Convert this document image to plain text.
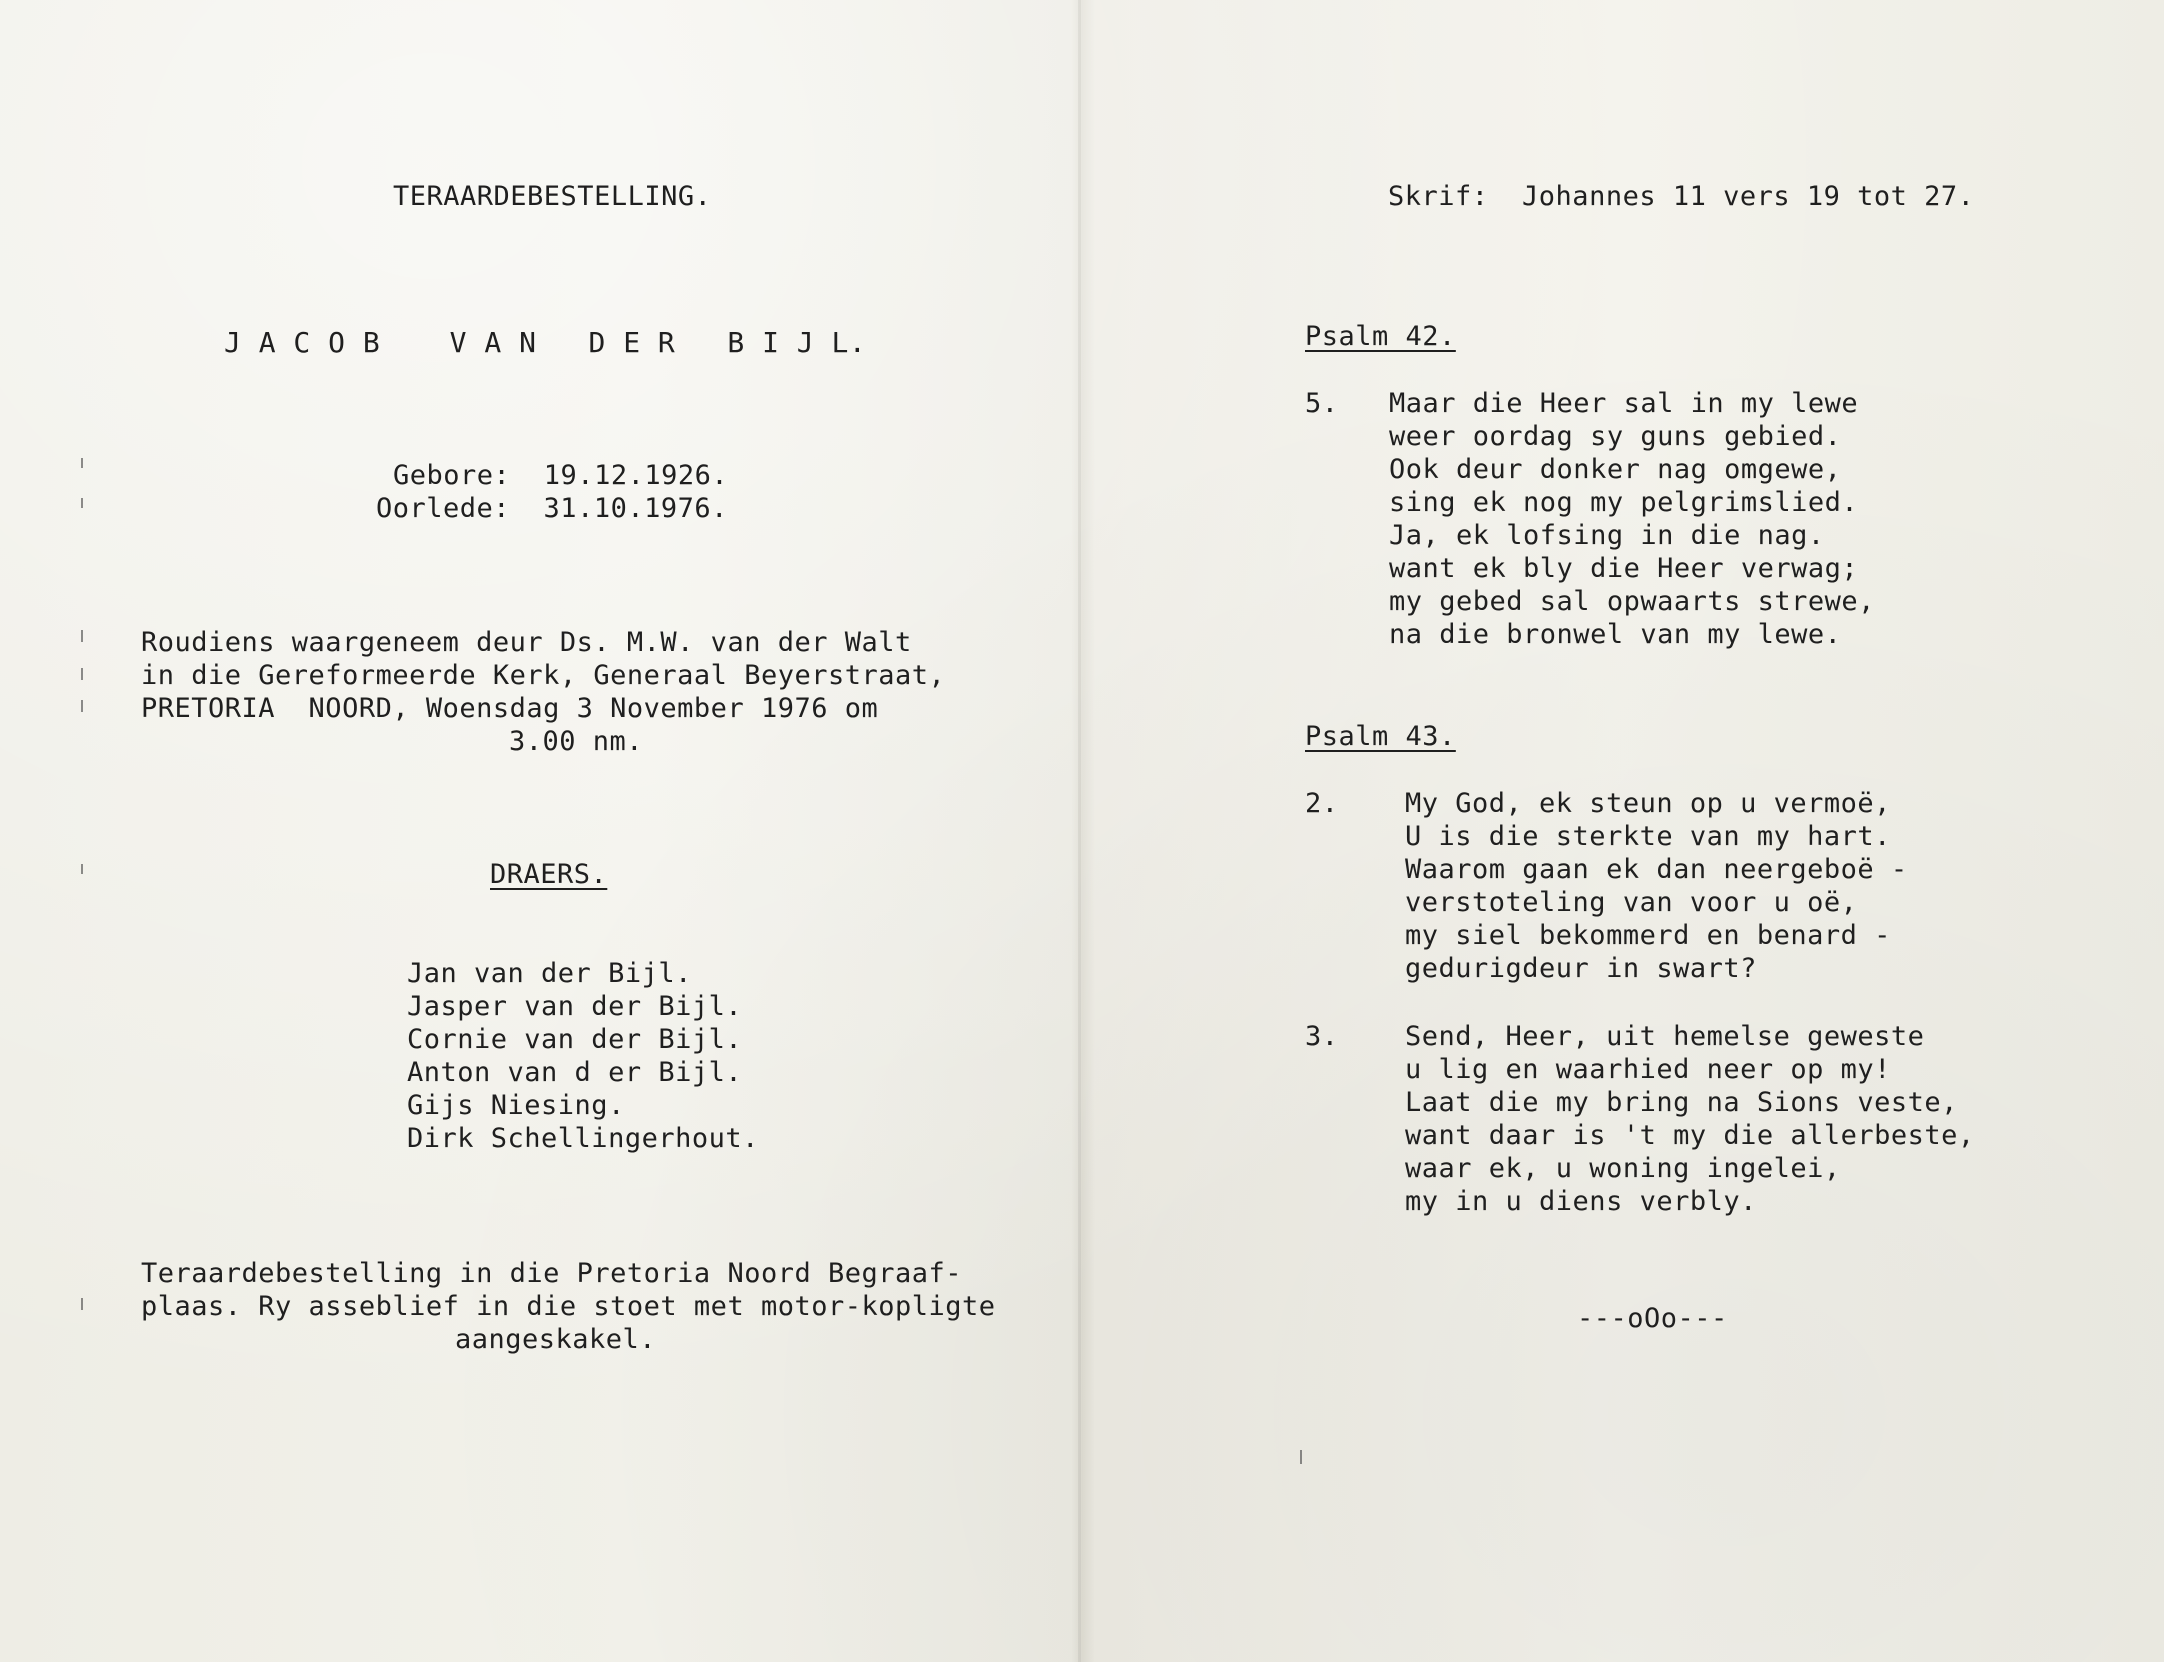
TERAARDEBESTELLING.
J A C O B    V A N   D E R   B I J L.
Gebore:  19.12.1926.
Oorlede:  31.10.1976.
Roudiens waargeneem deur Ds. M.W. van der Walt
in die Gereformeerde Kerk, Generaal Beyerstraat,
PRETORIA  NOORD, Woensdag 3 November 1976 om
3.00 nm.
DRAERS.
Jan van der Bijl.
Jasper van der Bijl.
Cornie van der Bijl.
Anton van d er Bijl.
Gijs Niesing.
Dirk Schellingerhout.
Teraardebestelling in die Pretoria Noord Begraaf-
plaas. Ry asseblief in die stoet met motor-kopligte
aangeskakel.
Skrif:  Johannes 11 vers 19 tot 27.
Psalm 42.
5. Maar die Heer sal in my lewe
weer oordag sy guns gebied.
Ook deur donker nag omgewe,
sing ek nog my pelgrimslied.
Ja, ek lofsing in die nag.
want ek bly die Heer verwag;
my gebed sal opwaarts strewe,
na die bronwel van my lewe.
Psalm 43.
2. My God, ek steun op u vermoë,
U is die sterkte van my hart.
Waarom gaan ek dan neergeboë -
verstoteling van voor u oë,
my siel bekommerd en benard -
gedurigdeur in swart?
3. Send, Heer, uit hemelse geweste
u lig en waarhied neer op my!
Laat die my bring na Sions veste,
want daar is 't my die allerbeste,
waar ek, u woning ingelei,
my in u diens verbly.
---oOo---
